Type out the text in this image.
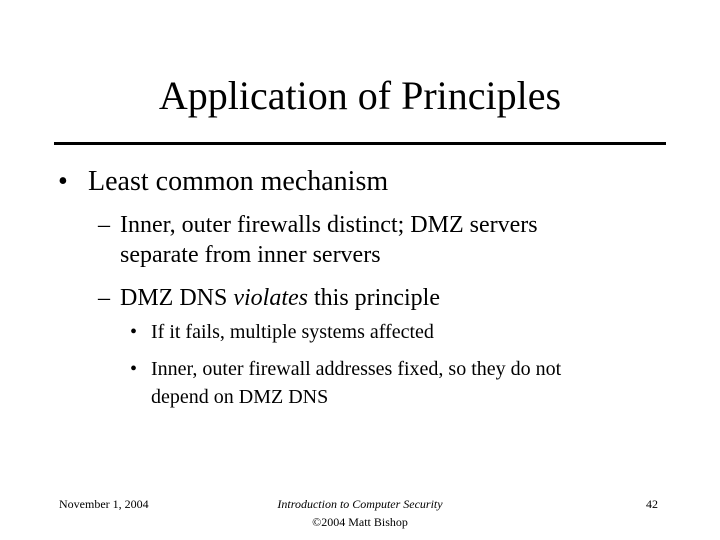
Application of Principles
• Least common mechanism
– Inner, outer firewalls distinct; DMZ servers
separate from inner servers
– DMZ DNS violates this principle
• If it fails, multiple systems affected
• Inner, outer firewall addresses fixed, so they do not
depend on DMZ DNS
November 1, 2004	Introduction to Computer Security
©2004 Matt Bishop
42
